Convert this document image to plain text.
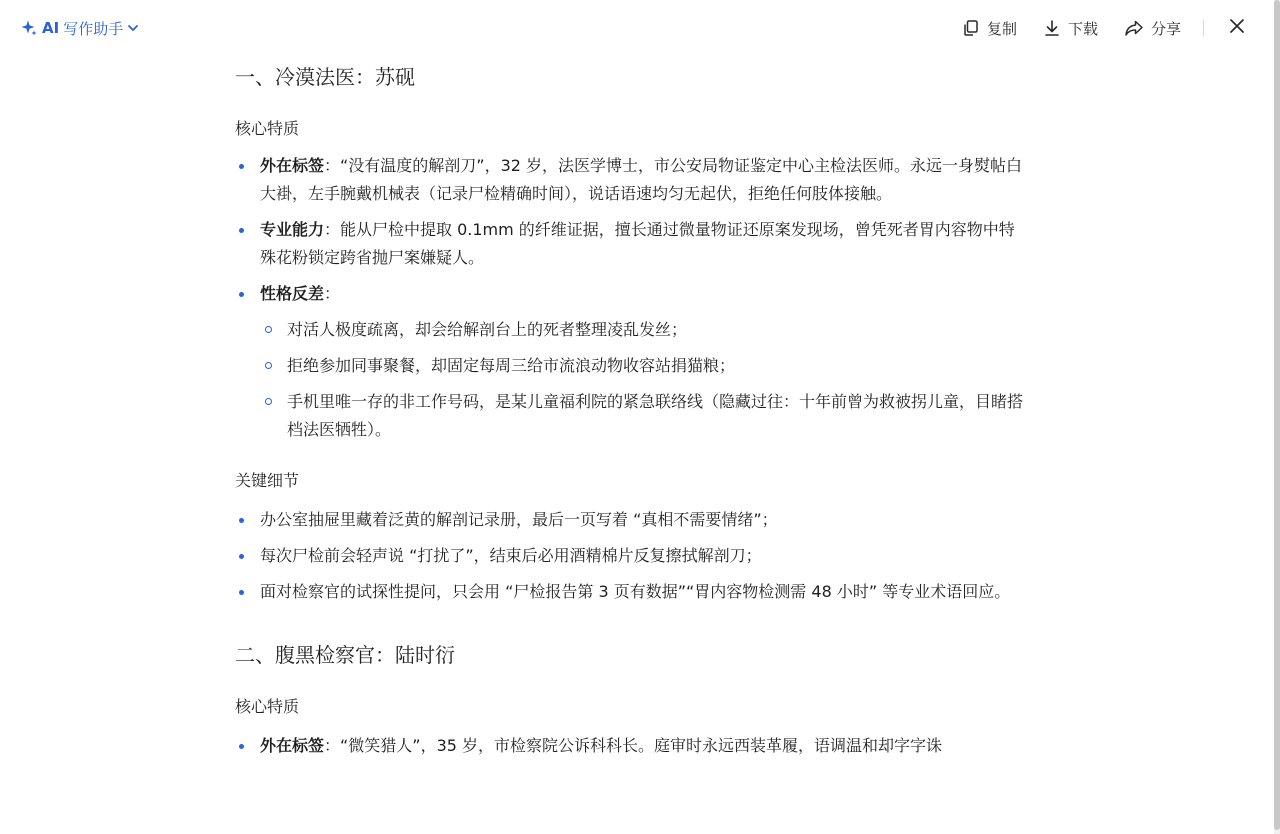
AI 写作助手	复制	下载	分享
一、冷漠法医：苏砚

核心特质

外在标签：“没有温度的解剖刀”，32 岁，法医学博士，市公安局物证鉴定中心主检法医师。永远一身熨帖白大褂，左手腕戴机械表（记录尸检精确时间），说话语速均匀无起伏，拒绝任何肢体接触。
专业能力：能从尸检中提取 0.1mm 的纤维证据，擅长通过微量物证还原案发现场，曾凭死者胃内容物中特殊花粉锁定跨省抛尸案嫌疑人。
性格反差：
对活人极度疏离，却会给解剖台上的死者整理凌乱发丝；
拒绝参加同事聚餐，却固定每周三给市流浪动物收容站捐猫粮；
手机里唯一存的非工作号码，是某儿童福利院的紧急联络线（隐藏过往：十年前曾为救被拐儿童，目睹搭档法医牺牲）。

关键细节

办公室抽屉里藏着泛黄的解剖记录册，最后一页写着 “真相不需要情绪”；
每次尸检前会轻声说 “打扰了”，结束后必用酒精棉片反复擦拭解剖刀；
面对检察官的试探性提问，只会用 “尸检报告第 3 页有数据”“胃内容物检测需 48 小时” 等专业术语回应。
二、腹黑检察官：陆时衍

核心特质

外在标签：“微笑猎人”，35 岁，市检察院公诉科科长。庭审时永远西装革履，语调温和却字字诛
